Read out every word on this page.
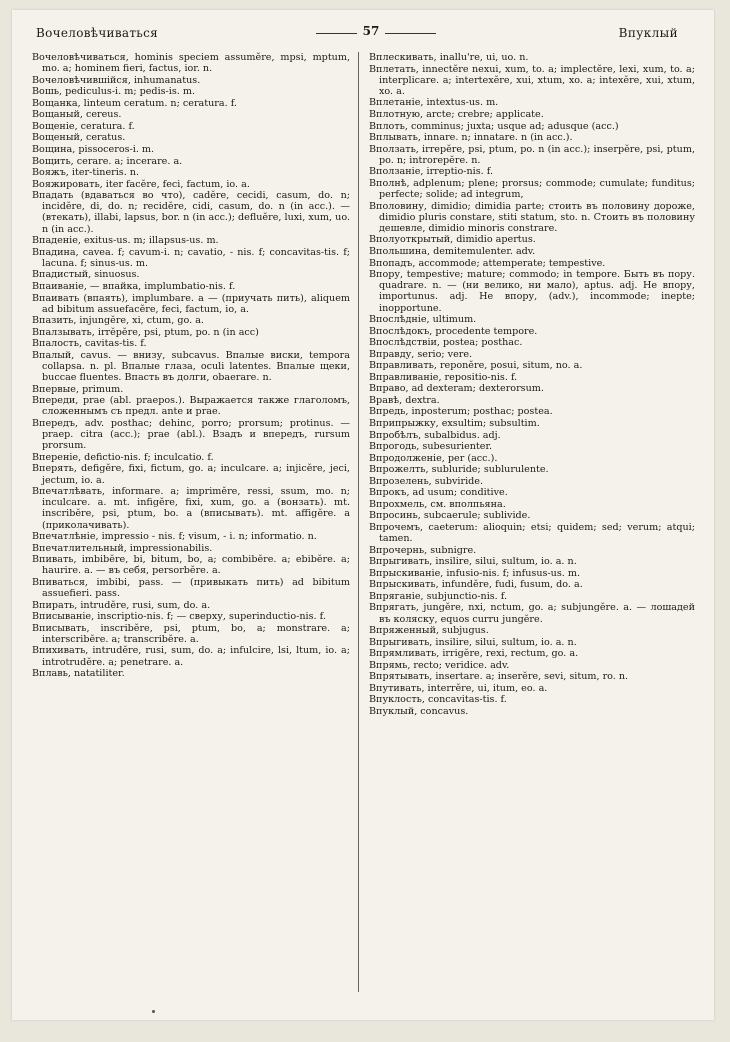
Вочеловѣчиваться	57	Впуклый

Вочеловѣчиваться, hominis speciem assumĕre, mpsi, mptum, mo. a; hominem fieri, factus, ior. n.

Вочеловѣчившійся, inhumanatus.

Вошь, pediculus-i. m; pedis-is. m.

Вощанка, linteum ceratum. n; ceratura. f.

Вощаный, cereus.

Вощеніе, ceratura. f.

Вощеный, ceratus.

Вощина, pissoceros-i. m.

Вощить, cerare. a; incerare. a.

Вояжъ, iter-tineris. n.

Вояжировать, iter facĕre, feci, factum, io. a.

Впадать (вдаваться во что), cadĕre, cecidi, casum, do. n; incidĕre, di, do. n; recidĕre, cidi, casum, do. n (in acc.). — (втекать), illabi, lapsus, bor. n (in acc.); defluĕre, luxi, xum, uo. n (in acc.).

Впаденіе, exitus-us. m; illapsus-us. m.

Впадина, cavea. f; cavum-i. n; cavatio, - nis. f; concavitas-tis. f; lacuna. f; sinus-us. m.

Впадистый, sinuosus.

Впаиваніе, — впайка, implumbatio-nis. f.

Впаивать (впаять), implumbare. a — (приучать пить), aliquem ad bibitum assuefacĕre, feci, factum, io, a.

Впазить, injungĕre, xi, ctum, go. a.

Впалзывать, irrĕpĕre, psi, ptum, po. n (in acc)

Впалость, cavitas-tis. f.

Впалый, cavus. — внизу, subcavus. Впалые виски, tempora collapsa. n. pl. Впалые глаза, oculi latentes. Впалые щеки, buccae fluentes. Впасть въ долги, obaerare. n.

Впервые, primum.

Впереди, prae (abl. praepos.). Выражается также глаголомъ, сложеннымъ съ предл. ante и prae.

Впередъ, adv. posthac; dehinc, porro; prorsum; protinus. — praep. citra (acc.); prae (abl.). Взадъ и впередъ, rursum prorsum.

Впереніе, defictio-nis. f; inculcatio. f.

Вперять, defigĕre, fixi, fictum, go. a; inculcare. a; injicĕre, jeci, jectum, io. a.

Впечатлѣвать, informare. a; imprimĕre, ressi, ssum, mo. n; inculcare. a. mt. infigĕre, fixi, xum, go. a (вонзать). mt. inscribĕre, psi, ptum, bo. a (вписывать). mt. affigĕre. a (приколачивать).

Впечатлѣніе, impressio - nis. f; visum, - i. n; informatio. n.

Впечатлительный, impressionabilis.

Впивать, imbibĕre, bi, bitum, bo, a; combibĕre. a; ebibĕre. a; haurire. a. — въ себя, persorbĕre. a.

Впиваться, imbibi, pass. — (привыкать пить) ad bibitum assuefieri. pass.

Впирать, intrudĕre, rusi, sum, do. a.

Вписываніе, inscriptio-nis. f; — сверху, superinductio-nis. f.

Вписывать, inscribĕre, psi, ptum, bo, a; monstrare. a; interscribĕre. a; transcribĕre. a.

Впихивать, intrudĕre, rusi, sum, do. a; infulcire, lsi, ltum, io. a; introtrudĕre. a; penetrare. a.

Вплавь, natatiliter.

Вплескивать, inallu're, ui, uo. n.

Вплетать, innectĕre nexui, xum, to. a; implectĕre, lexi, xum, to. a; interplicare. a; intertexĕre, xui, xtum, xo. a; intexĕre, xui, xtum, xo. a.

Вплетаніе, intextus-us. m.

Вплотную, arcte; crebre; applicate.

Вплоть, comminus; juxta; usque ad; adusque (acc.)

Вплывать, innare. n; innatare. n (in acc.).

Вползать, irrepĕre, psi, ptum, po. n (in acc.); inserpĕre, psi, ptum, po. n; introrepĕre. n.

Вползаніе, irreptio-nis. f.

Вполнѣ, adplenum; plene; prorsus; commode; cumulate; funditus; perfecte; solide; ad integrum,

Вполовину, dimidio; dimidia parte; стоить въ половину дороже, dimidio pluris constare, stiti statum, sto. n. Стоить въ половину дешевле, dimidio minoris constrare.

Вполуоткрытый, dimidio apertus.

Впольшина, demitemulenter. adv.

Впопадъ, accommode; attemperate; tempestive.

Впору, tempestive; mature; commodo; in tempore. Быть въ пору. quadrare. n. — (ни велико, ни мало), aptus. adj. Не впору, importunus. adj. Не впору, (adv.), incommode; inepte; inopportune.

Впослѣдніе, ultimum.

Впослѣдокъ, procedente tempore.

Впослѣдствіи, postea; posthac.

Вправду, serio; vere.

Вправливать, reponĕre, posui, situm, no. a.

Вправливаніе, repositio-nis. f.

Вправо, ad dexteram; dexterorsum.

Вравѣ, dextra.

Впредь, inposterum; posthac; postea.

Вприпрыжку, exsultim; subsultim.

Впробѣлъ, subalbidus. adj.

Впрогодь, subesurienter.

Впродолженіе, per (acc.).

Впрожелть, subluride; sublurulente.

Впрозелень, subviride.

Впрокъ, ad usum; conditive.

Впрохмель, см. вполпьяна.

Впросинь, subcaerule; sublivide.

Впрочемъ, caeterum: alioquin; etsi; quidem; sed; verum; atqui; tamen.

Впрочернь, subnigre.

Впрыгивать, insilire, silui, sultum, io. a. n.

Впрыскиваніе, infusio-nis. f; infusus-us. m.

Впрыскивать, infundĕre, fudi, fusum, do. a.

Впряганіе, subjunctio-nis. f.

Впрягать, jungĕre, nxi, nctum, go. a; subjungĕre. a. — лошадей въ коляску, equos curru jungĕre.

Впряженный, subjugus.

Впрыгивать, insilire, silui, sultum, io. a. n.

Впрямливать, irrigĕre, rexi, rectum, go. a.

Впрямь, recto; veridice. adv.

Впрятывать, insertare. a; inserĕre, sevi, situm, ro. n.

Впутивать, interrĕre, ui, itum, eo. a.

Впуклость, concavitas-tis. f.

Впуклый, concavus.
